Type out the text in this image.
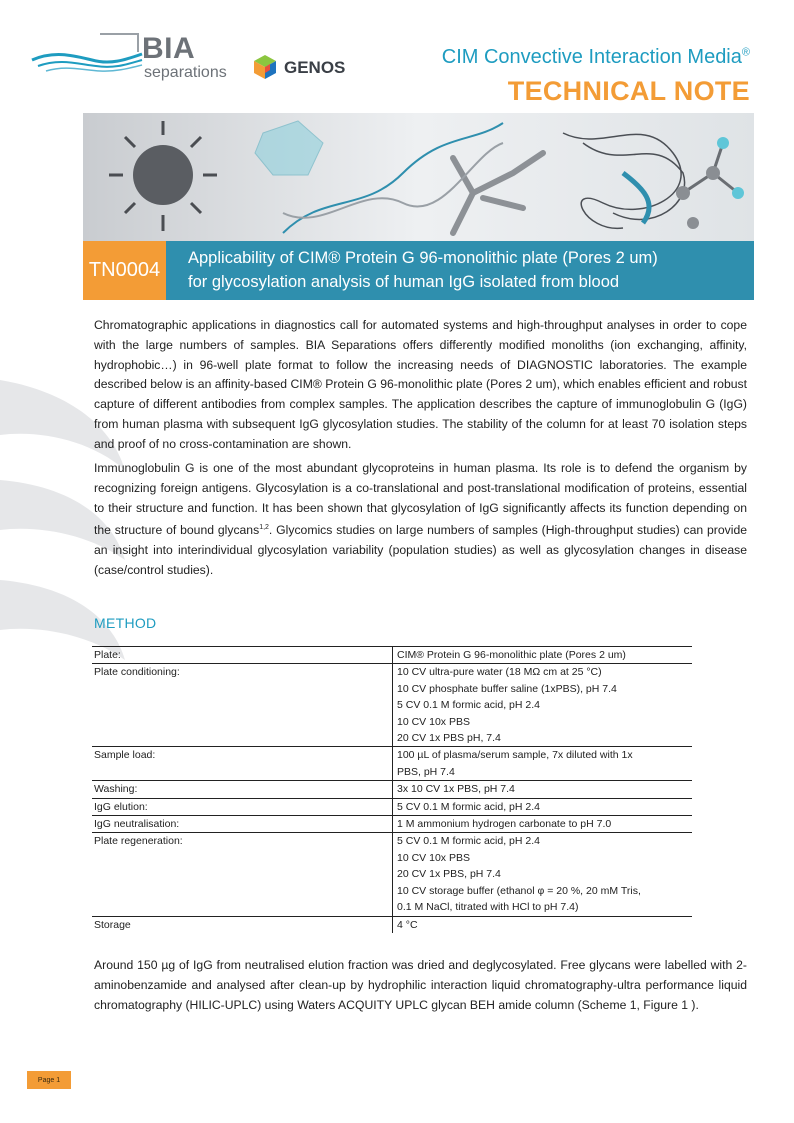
BIA
separations	GENOS	CIM Convective Interaction Media®
TECHNICAL NOTE
TN0004
Applicability of CIM® Protein G 96-monolithic plate (Pores 2 um)
for glycosylation analysis of human IgG isolated from blood
Chromatographic applications in diagnostics call for automated systems and high-throughput analyses in order to cope with the large numbers of samples. BIA Separations offers differently modified monoliths (ion exchanging, affinity, hydrophobic…) in 96-well plate format to follow the increasing needs of DIAGNOSTIC laboratories. The example described below is an affinity-based CIM® Protein G 96-monolithic plate (Pores 2 um), which enables efficient and robust capture of different antibodies from complex samples. The application describes the capture of immunoglobulin G (IgG) from human plasma with subsequent IgG glycosylation studies. The stability of the column for at least 70 isolation steps and proof of no cross-contamination are shown.
Immunoglobulin G is one of the most abundant glycoproteins in human plasma. Its role is to defend the organism by recognizing foreign antigens. Glycosylation is a co-translational and post-translational modification of proteins, essential to their structure and function. It has been shown that glycosylation of IgG significantly affects its function depending on the structure of bound glycans$^{1,2}$. Glycomics studies on large numbers of samples (High-throughput studies) can provide an insight into interindividual glycosylation variability (population studies) as well as glycosylation changes in disease (case/control studies).
METHOD
Plate:	CIM® Protein G 96-monolithic plate (Pores 2 um)

Plate conditioning:	10 CV ultra-pure water (18 MΩ cm at 25 °C)
10 CV phosphate buffer saline (1xPBS), pH 7.4
5 CV 0.1 M formic acid, pH 2.4
10 CV 10x PBS
20 CV 1x PBS pH, 7.4

Sample load:	100 µL of plasma/serum sample, 7x diluted with 1x
PBS, pH 7.4

Washing:	3x 10 CV 1x PBS, pH 7.4

IgG elution:	5 CV 0.1 M formic acid, pH 2.4

IgG neutralisation:	1 M ammonium hydrogen carbonate to pH 7.0

Plate regeneration:	5 CV 0.1 M formic acid, pH 2.4
10 CV 10x PBS
20 CV 1x PBS, pH 7.4
10 CV storage buffer (ethanol φ = 20 %, 20 mM Tris,
0.1 M NaCl, titrated with HCl to pH 7.4)

Storage	4 °C
Around 150 µg of IgG from neutralised elution fraction was dried and deglycosylated. Free glycans were labelled with 2-aminobenzamide and analysed after clean-up by hydrophilic interaction liquid chromatography-ultra performance liquid chromatography (HILIC-UPLC) using Waters ACQUITY UPLC glycan BEH amide column (Scheme 1, Figure 1 ).
Page 1
